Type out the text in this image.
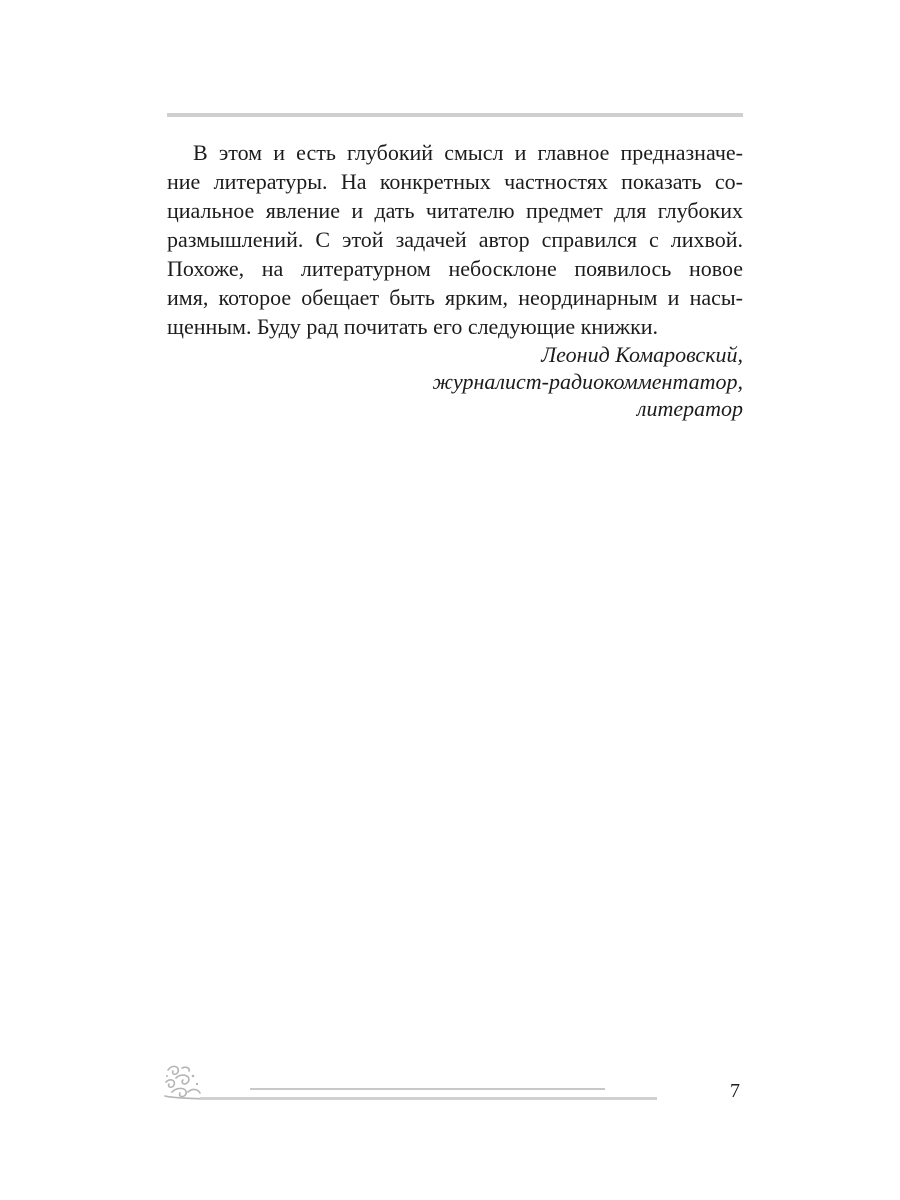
В этом и есть глубокий смысл и главное предназначе-
ние литературы. На конкретных частностях показать со-
циальное явление и дать читателю предмет для глубоких
размышлений. С этой задачей автор справился с лихвой.
Похоже, на литературном небосклоне появилось новое
имя, которое обещает быть ярким, неординарным и насы-
щенным. Буду рад почитать его следующие книжки.
Леонид Комаровский,
журналист-радиокомментатор,
литератор
7
